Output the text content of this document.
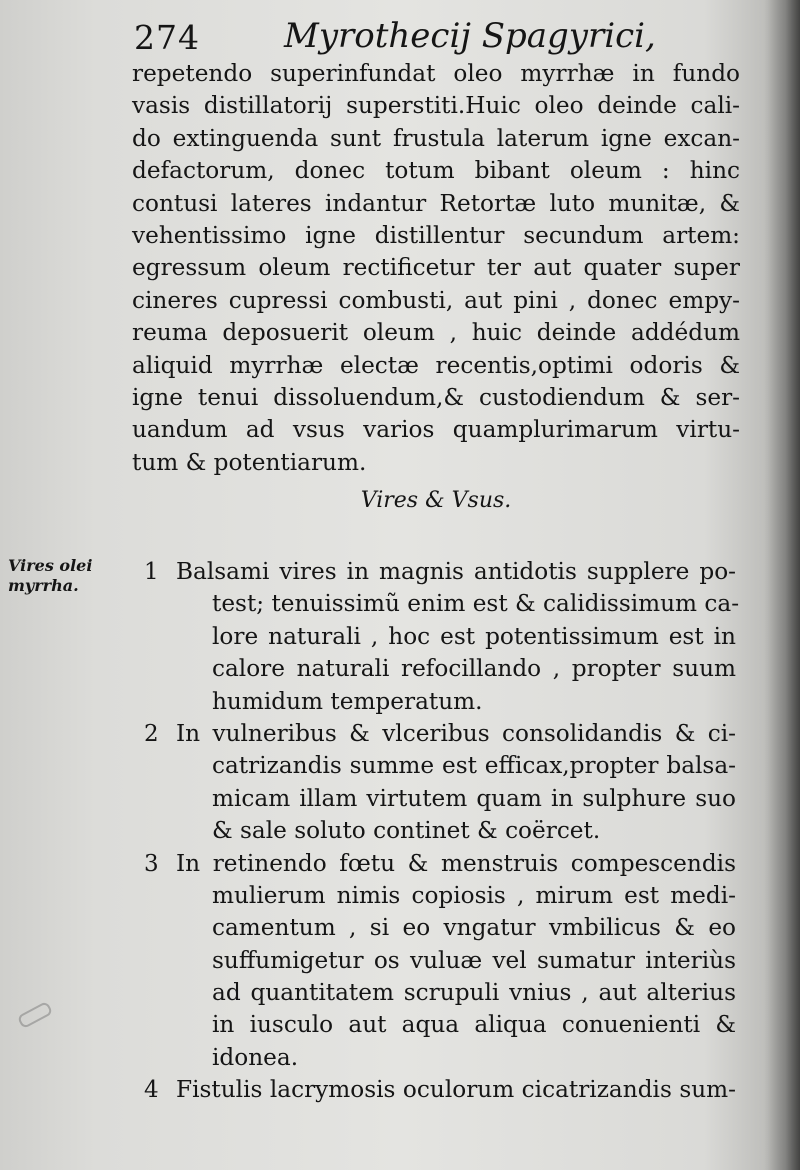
274 Myrothecij Spagyrici,
repetendo superinfundat oleo myrrhæ in fundo
vasis distillatorij superstiti.Huic oleo deinde cali-
do extinguenda sunt frustula laterum igne excan-
defactorum, donec totum bibant oleum : hinc
contusi lateres indantur Retortæ luto munitæ, &
vehentissimo igne distillentur secundum artem:
egressum oleum rectificetur ter aut quater super
cineres cupressi combusti, aut pini , donec empy-
reuma deposuerit oleum , huic deinde addédum
aliquid myrrhæ electæ recentis,optimi odoris &
igne tenui dissoluendum,& custodiendum & ser-
uandum ad vsus varios quamplurimarum virtu-
tum & potentiarum.
Vires & Vsus.
Vires olei
myrrha.
1 Balsami vires in magnis antidotis supplere po-
test; tenuissimũ enim est & calidissimum ca-
lore naturali , hoc est potentissimum est in
calore naturali refocillando , propter suum
humidum temperatum.
2 In vulneribus & vlceribus consolidandis & ci-
catrizandis summe est efficax,propter balsa-
micam illam virtutem quam in sulphure suo
& sale soluto continet & coërcet.
3 In retinendo fœtu & menstruis compescendis
mulierum nimis copiosis , mirum est medi-
camentum , si eo vngatur vmbilicus & eo
suffumigetur os vuluæ vel sumatur interiùs
ad quantitatem scrupuli vnius , aut alterius
in iusculo aut aqua aliqua conuenienti &
idonea.
4 Fistulis lacrymosis oculorum cicatrizandis sum-
